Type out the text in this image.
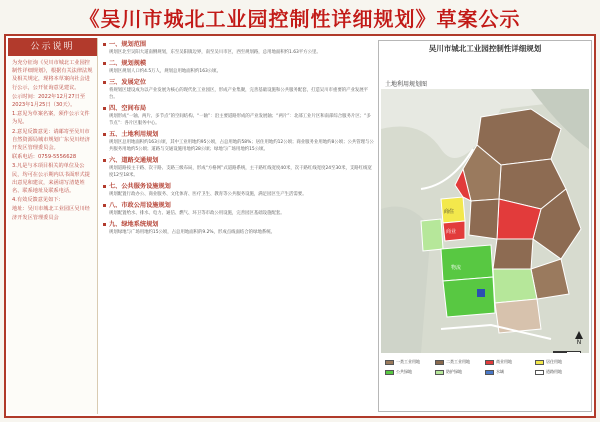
《吴川市城北工业园控制性详细规划》草案公示
公示说明

为充分征询《吴川市城北工业园控制性详细规划》，根据有关法律法规及相关规定，现将本草案向社会进行公示，公开征询意见建议。

公示时间：2022年12月27日至2023年1月25日（30天）。

1.意见为草案名案，须作公示文件为见。

2.意见反馈意见：请邮寄至吴川市自然资源局城市规划广东吴川经济开发区管理委员会。

联系电话：0759-5556628

3.凡是与本项目相关的单位及公民，均可在公示期内以书面形式提出意见和建议，来函请写清楚姓名、联系地址及联系电话。

4.有效反馈意见如下：

地址：吴川市城北工业园区吴川经济开发区管理委员会

一、规划范围
规划区北至吴阳大道南侧规划，东至吴阳镇边界，南至吴川市区，西至规划路，总用地面积约1.63平方公里。
二、规划规模
规划区规划人口约4.5万人，规划总用地面积约163公顷。
三、发展定位
将规划区建设成为以产业发展为核心的现代化工业园区，形成产业集聚，完善基础设施和公共服务配套，打造吴川市重要的产业发展平台。
四、空间布局
规划形成“一轴、两片、多节点”的空间结构。“一轴”：沿主要道路形成的产业发展轴；“两片”：北部工业片区和南部综合服务片区；“多节点”：各片区服务中心。
五、土地利用规划
规划区总用地面积约163公顷，其中工业用地约95公顷，占总用地的58%；居住用地约12公顷；商业服务业用地约8公顷；公共管理与公共服务用地约5公顷；道路与交通设施用地约28公顷；绿地与广场用地约15公顷。
六、道路交通规划
规划道路按主干路、次干路、支路三级布局，形成“方格网”式道路系统，主干路红线宽度40米，次干路红线宽度24至30米，支路红线宽度12至18米。
七、公共服务设施规划
规划配置行政办公、商业服务、文化体育、医疗卫生、教育等公共服务设施，满足园区生产生活需要。
八、市政公用设施规划
规划配置给水、排水、电力、通信、燃气、环卫等市政公用设施，完善园区基础设施配套。
九、绿地系统规划
规划绿地与广场用地约15公顷，占总用地面积的9.2%，形成点线面结合的绿地系统。
吴川市城北工业园控制性详细规划
土地利用规划图
商住
商业
物流
N
一类工业用地	二类工业用地	商业用地	居住用地
公共绿地	防护绿地	水域	道路用地
